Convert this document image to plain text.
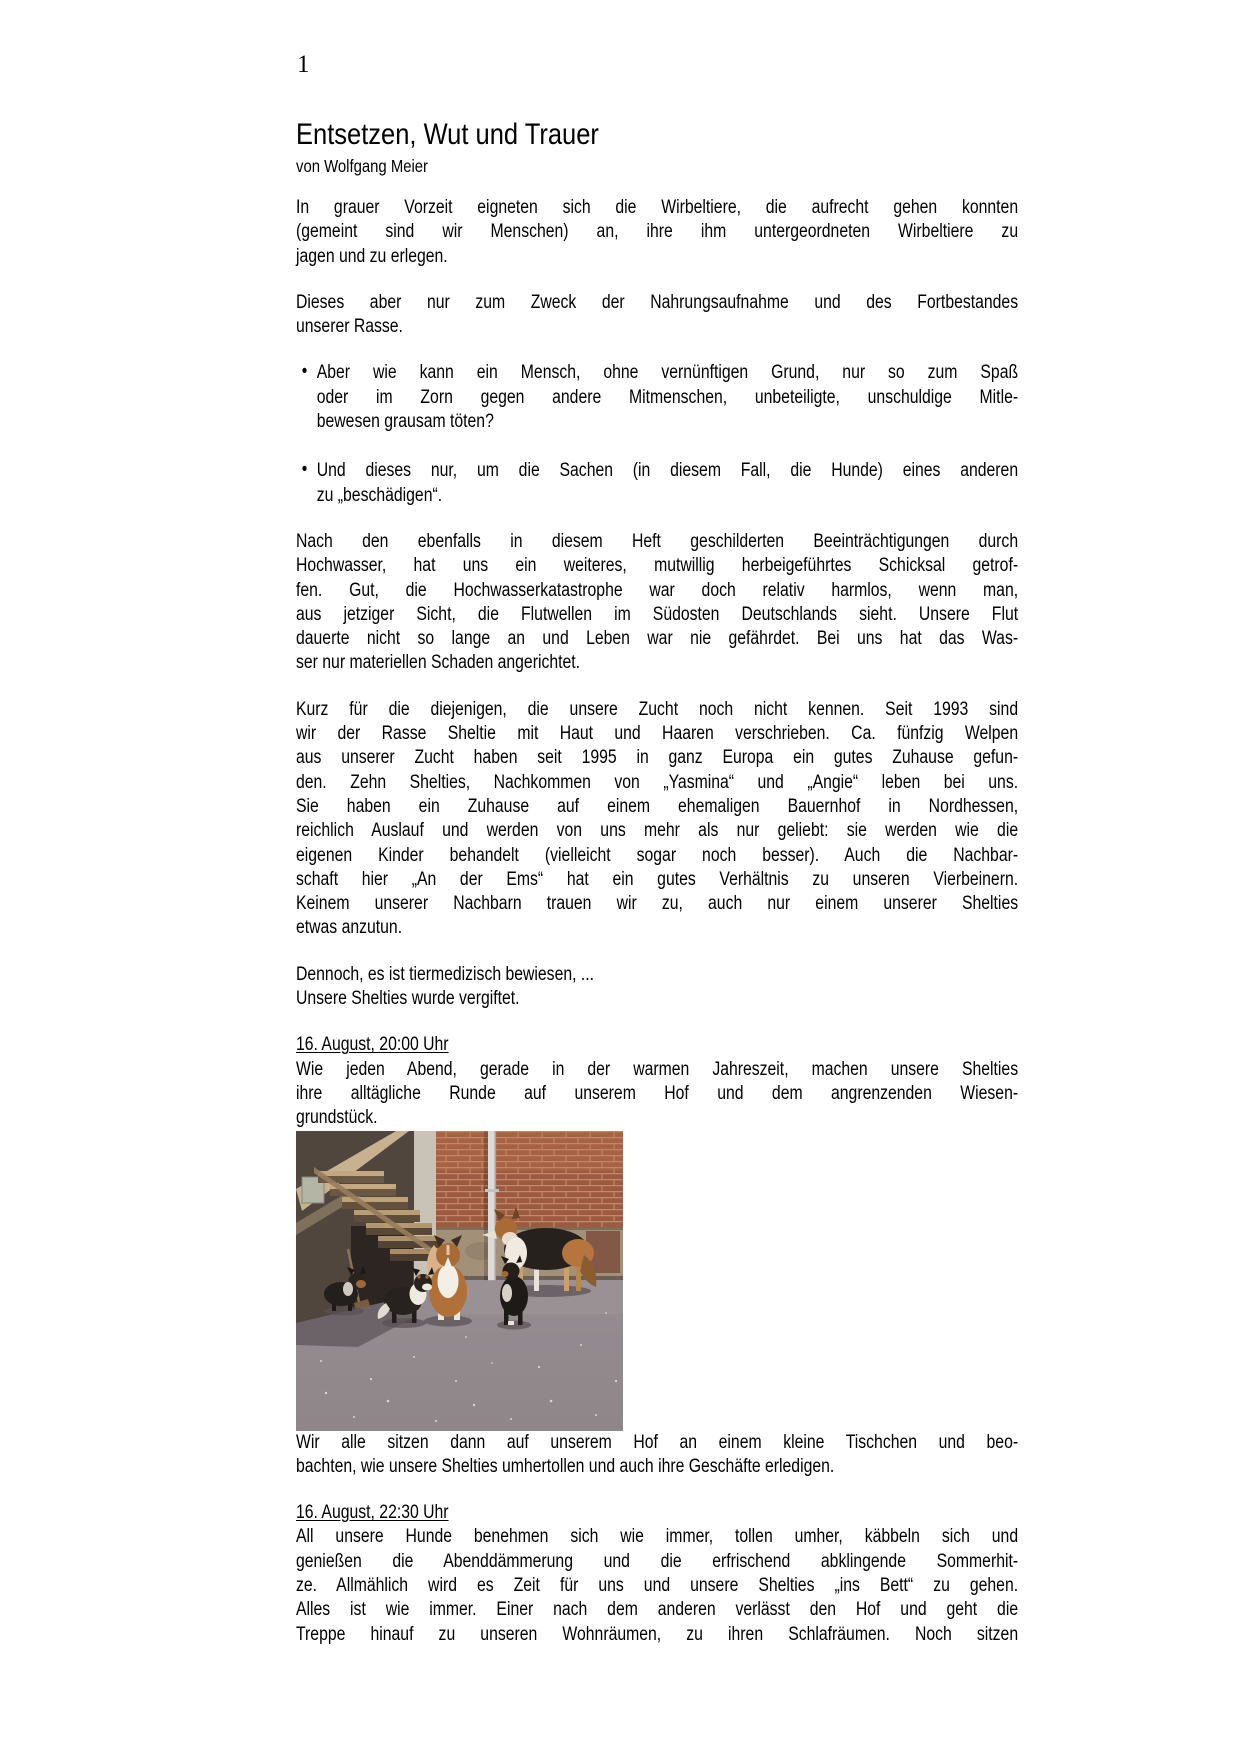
1
Entsetzen, Wut und Trauer
von Wolfgang Meier
In grauer Vorzeit eigneten sich die Wirbeltiere, die aufrecht gehen konnten
(gemeint sind wir Menschen) an, ihre ihm untergeordneten Wirbeltiere zu
jagen und zu erlegen.
Dieses aber nur zum Zweck der Nahrungsaufnahme und des Fortbestandes
unserer Rasse.
• Aber wie kann ein Mensch, ohne vernünftigen Grund, nur so zum Spaß
oder im Zorn gegen andere Mitmenschen, unbeteiligte, unschuldige Mitle-
bewesen grausam töten?
• Und dieses nur, um die Sachen (in diesem Fall, die Hunde) eines anderen
zu „beschädigen“.
Nach den ebenfalls in diesem Heft geschilderten Beeinträchtigungen durch
Hochwasser, hat uns ein weiteres, mutwillig herbeigeführtes Schicksal getrof-
fen. Gut, die Hochwasserkatastrophe war doch relativ harmlos, wenn man,
aus jetziger Sicht, die Flutwellen im Südosten Deutschlands sieht. Unsere Flut
dauerte nicht so lange an und Leben war nie gefährdet. Bei uns hat das Was-
ser nur materiellen Schaden angerichtet.
Kurz für die diejenigen, die unsere Zucht noch nicht kennen. Seit 1993 sind
wir der Rasse Sheltie mit Haut und Haaren verschrieben. Ca. fünfzig Welpen
aus unserer Zucht haben seit 1995 in ganz Europa ein gutes Zuhause gefun-
den. Zehn Shelties, Nachkommen von „Yasmina“ und „Angie“ leben bei uns.
Sie haben ein Zuhause auf einem ehemaligen Bauernhof in Nordhessen,
reichlich Auslauf und werden von uns mehr als nur geliebt: sie werden wie die
eigenen Kinder behandelt (vielleicht sogar noch besser). Auch die Nachbar-
schaft hier „An der Ems“ hat ein gutes Verhältnis zu unseren Vierbeinern.
Keinem unserer Nachbarn trauen wir zu, auch nur einem unserer Shelties
etwas anzutun.
Dennoch, es ist tiermedizisch bewiesen, ...
Unsere Shelties wurde vergiftet.
16. August, 20:00 Uhr
Wie jeden Abend, gerade in der warmen Jahreszeit, machen unsere Shelties
ihre alltägliche Runde auf unserem Hof und dem angrenzenden Wiesen-
grundstück.
Wir alle sitzen dann auf unserem Hof an einem kleine Tischchen und beo-
bachten, wie unsere Shelties umhertollen und auch ihre Geschäfte erledigen.
16. August, 22:30 Uhr
All unsere Hunde benehmen sich wie immer, tollen umher, käbbeln sich und
genießen die Abenddämmerung und die erfrischend abklingende Sommerhit-
ze. Allmählich wird es Zeit für uns und unsere Shelties „ins Bett“ zu gehen.
Alles ist wie immer. Einer nach dem anderen verlässt den Hof und geht die
Treppe hinauf zu unseren Wohnräumen, zu ihren Schlafräumen. Noch sitzen
